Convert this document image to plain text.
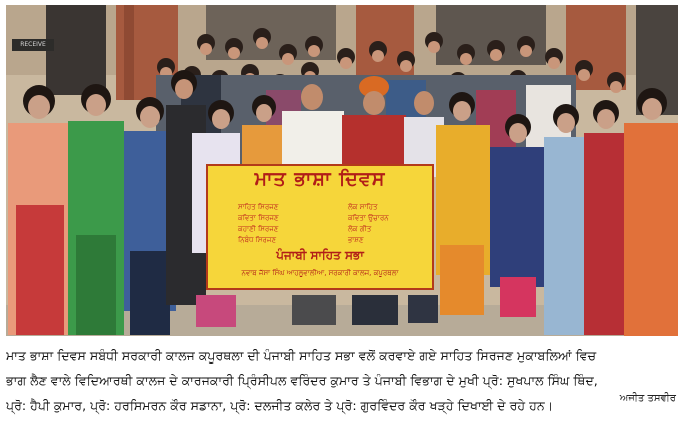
RECEIVE
ਮਾਤ ਭਾਸ਼ਾ ਦਿਵਸ
ਸਾਹਿਤ ਸਿਰਜਣ
ਕਵਿਤਾ ਸਿਰਜਣ
ਕਹਾਣੀ ਸਿਰਜਣ
ਨਿਬੰਧ ਸਿਰਜਣ
ਲੋਕ ਸਾਹਿਤ
ਕਵਿਤਾ ਉਚਾਰਨ
ਲੋਕ ਗੀਤ
ਭਾਸ਼ਣ
ਪੰਜਾਬੀ ਸਾਹਿਤ ਸਭਾ
ਨਵਾਬ ਜੱਸਾ ਸਿੰਘ ਆਹਲੂਵਾਲੀਆ, ਸਰਕਾਰੀ ਕਾਲਜ, ਕਪੂਰਥਲਾ
ਮਾਤ ਭਾਸ਼ਾ ਦਿਵਸ ਸਬੰਧੀ ਸਰਕਾਰੀ ਕਾਲਜ ਕਪੂਰਥਲਾ ਦੀ ਪੰਜਾਬੀ ਸਾਹਿਤ ਸਭਾ ਵਲੋਂ ਕਰਵਾਏ ਗਏ ਸਾਹਿਤ ਸਿਰਜਣ ਮੁਕਾਬਲਿਆਂ ਵਿਚ
ਭਾਗ ਲੈਣ ਵਾਲੇ ਵਿਦਿਆਰਥੀ ਕਾਲਜ ਦੇ ਕਾਰਜਕਾਰੀ ਪ੍ਰਿੰਸੀਪਲ ਵਰਿੰਦਰ ਕੁਮਾਰ ਤੇ ਪੰਜਾਬੀ ਵਿਭਾਗ ਦੇ ਮੁਖੀ ਪ੍ਰੋ: ਸੁਖਪਾਲ ਸਿੰਘ ਥਿੰਦ,
ਪ੍ਰੋ: ਹੈਪੀ ਕੁਮਾਰ, ਪ੍ਰੋ: ਹਰਸਿਮਰਨ ਕੌਰ ਸਡਾਨਾ, ਪ੍ਰੋ: ਦਲਜੀਤ ਕਲੇਰ ਤੇ ਪ੍ਰੋ: ਗੁਰਵਿੰਦਰ ਕੌਰ ਖੜ੍ਹੇ ਦਿਖਾਈ ਦੇ ਰਹੇ ਹਨ।	ਅਜੀਤ ਤਸਵੀਰ
